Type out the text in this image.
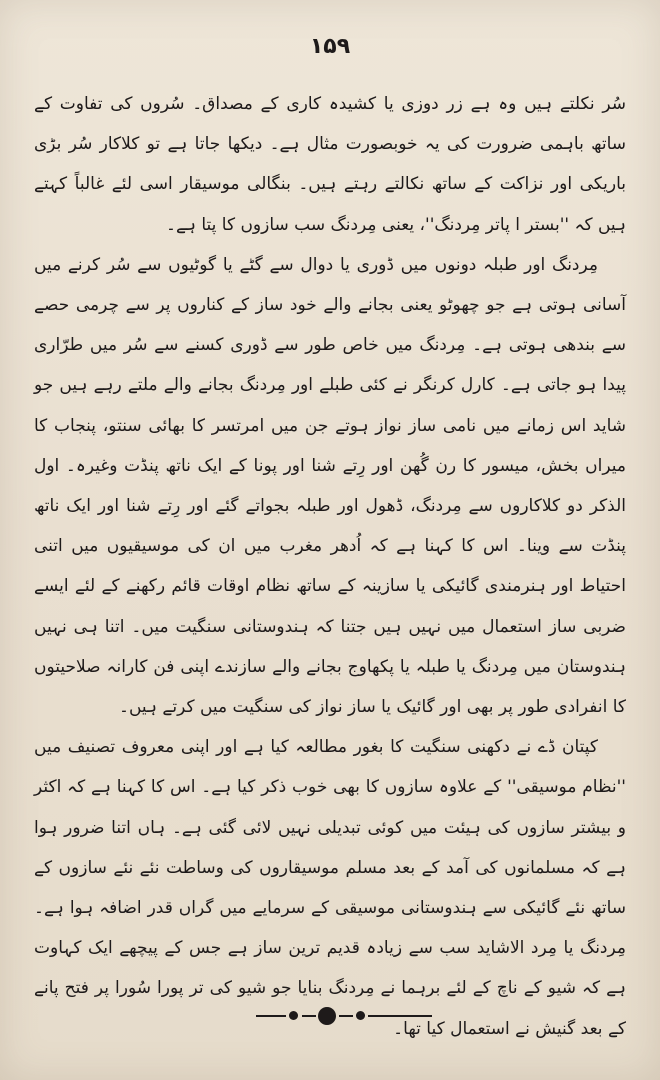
۱۵۹

سُر نکلتے ہیں وہ ہے زر دوزی یا کشیدہ کاری کے مصداق۔ سُروں کی تفاوت کے ساتھ باہمی ضرورت کی یہ خوبصورت مثال ہے۔ دیکھا جاتا ہے تو کلاکار سُر بڑی باریکی اور نزاکت کے ساتھ نکالتے رہتے ہیں۔ بنگالی موسیقار اسی لئے غالباً کہتے ہیں کہ ''بستر ا پاتر مِردنگ''، یعنی مِردنگ سب سازوں کا پتا ہے۔

مِردنگ اور طبلہ دونوں میں ڈوری یا دوال سے گٹے یا گوٹیوں سے سُر کرنے میں آسانی ہوتی ہے جو چھوٹو یعنی بجانے والے خود ساز کے کناروں پر سے چرمی حصے سے بندھی ہوتی ہے۔ مِردنگ میں خاص طور سے ڈوری کسنے سے سُر میں طرّاری پیدا ہو جاتی ہے۔ کارل کرنگر نے کئی طبلے اور مِردنگ بجانے والے ملتے رہے ہیں جو شاید اس زمانے میں نامی ساز نواز ہوتے جن میں امرتسر کا بھائی سنتو، پنجاب کا میراں بخش، میسور کا رن گُھن اور رِتے شنا اور پونا کے ایک ناتھ پنڈت وغیرہ۔ اول الذکر دو کلاکاروں سے مِردنگ، ڈھول اور طبلہ بجواتے گئے اور رِتے شنا اور ایک ناتھ پنڈت سے وینا۔ اس کا کہنا ہے کہ اُدھر مغرب میں ان کی موسیقیوں میں اتنی احتیاط اور ہنرمندی گائیکی یا سازینہ کے ساتھ نظام اوقات قائم رکھنے کے لئے ایسے ضربی ساز استعمال میں نہیں ہیں جتنا کہ ہندوستانی سنگیت میں۔ اتنا ہی نہیں ہندوستان میں مِردنگ یا طبلہ یا پکھاوج بجانے والے سازندے اپنی فن کارانہ صلاحیتوں کا انفرادی طور پر بھی اور گائیک یا ساز نواز کی سنگیت میں کرتے ہیں۔

کپتان ڈے نے دکھنی سنگیت کا بغور مطالعہ کیا ہے اور اپنی معروف تصنیف میں ''نظام موسیقی'' کے علاوہ سازوں کا بھی خوب ذکر کیا ہے۔ اس کا کہنا ہے کہ اکثر و بیشتر سازوں کی ہیئت میں کوئی تبدیلی نہیں لائی گئی ہے۔ ہاں اتنا ضرور ہوا ہے کہ مسلمانوں کی آمد کے بعد مسلم موسیقاروں کی وساطت نئے نئے سازوں کے ساتھ نئے گائیکی سے ہندوستانی موسیقی کے سرمایے میں گراں قدر اضافہ ہوا ہے۔ مِردنگ یا مِرد الاشاید سب سے زیادہ قدیم ترین ساز ہے جس کے پیچھے ایک کہاوت ہے کہ شیو کے ناچ کے لئے برہما نے مِردنگ بنایا جو شیو کی تر پورا سُورا پر فتح پانے کے بعد گنیش نے استعمال کیا تھا۔
